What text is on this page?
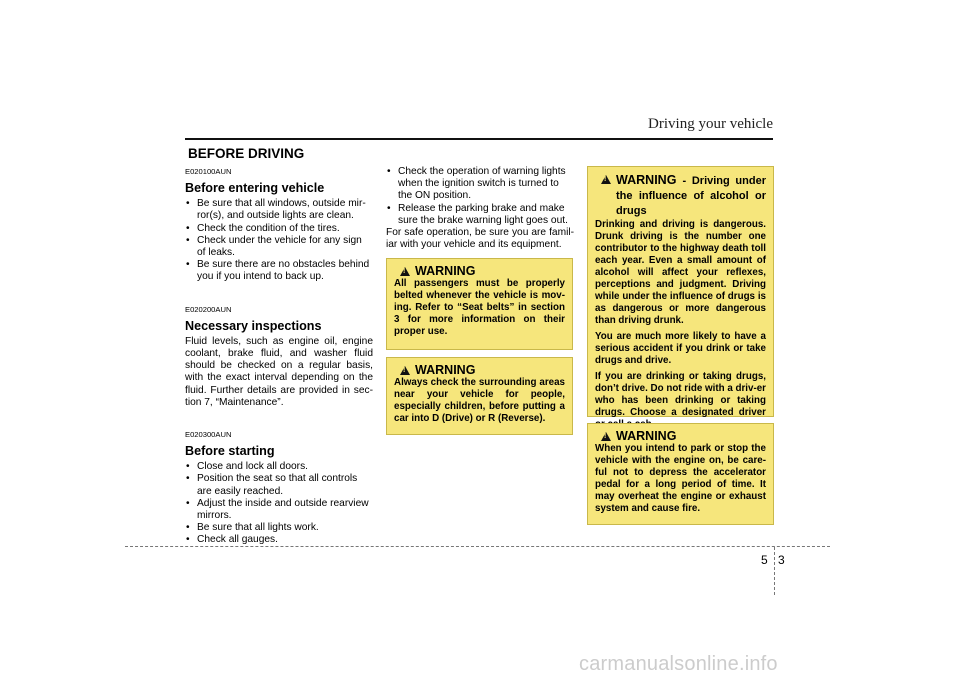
Driving your vehicle
BEFORE DRIVING
E020100AUN
Before entering vehicle
• Be sure that all windows, outside mir-ror(s), and outside lights are clean.
• Check the condition of the tires.
• Check under the vehicle for any sign of leaks.
• Be sure there are no obstacles behind you if you intend to back up.
E020200AUN
Necessary inspections

Fluid levels, such as engine oil, engine coolant, brake fluid, and washer fluid should be checked on a regular basis, with the exact interval depending on the fluid. Further details are provided in sec-tion 7, “Maintenance”.

E020300AUN
Before starting
• Close and lock all doors.
• Position the seat so that all controls are easily reached.
• Adjust the inside and outside rearview mirrors.
• Be sure that all lights work.
• Check all gauges.
• Check the operation of warning lights when the ignition switch is turned to the ON position.
• Release the parking brake and make sure the brake warning light goes out.

For safe operation, be sure you are famil-iar with your vehicle and its equipment.

!
WARNING

All passengers must be properly belted whenever the vehicle is mov-ing. Refer to “Seat belts” in section 3 for more information on their proper use.

!
WARNING

Always check the surrounding areas near your vehicle for people, especially children, before putting a car into D (Drive) or R (Reverse).

!
WARNING - Driving under the influence of alcohol or drugs

Drinking and driving is dangerous. Drunk driving is the number one contributor to the highway death toll each year. Even a small amount of alcohol will affect your reflexes, perceptions and judgment. Driving while under the influence of drugs is as dangerous or more dangerous than driving drunk.

You are much more likely to have a serious accident if you drink or take drugs and drive.

If you are drinking or taking drugs, don’t drive. Do not ride with a driv-er who has been drinking or taking drugs. Choose a designated driver

!
WARNING

When you intend to park or stop the vehicle with the engine on, be care-ful not to depress the accelerator pedal for a long period of time. It may overheat the engine or exhaust system and cause fire.

5 3
carmanualsonline.info
